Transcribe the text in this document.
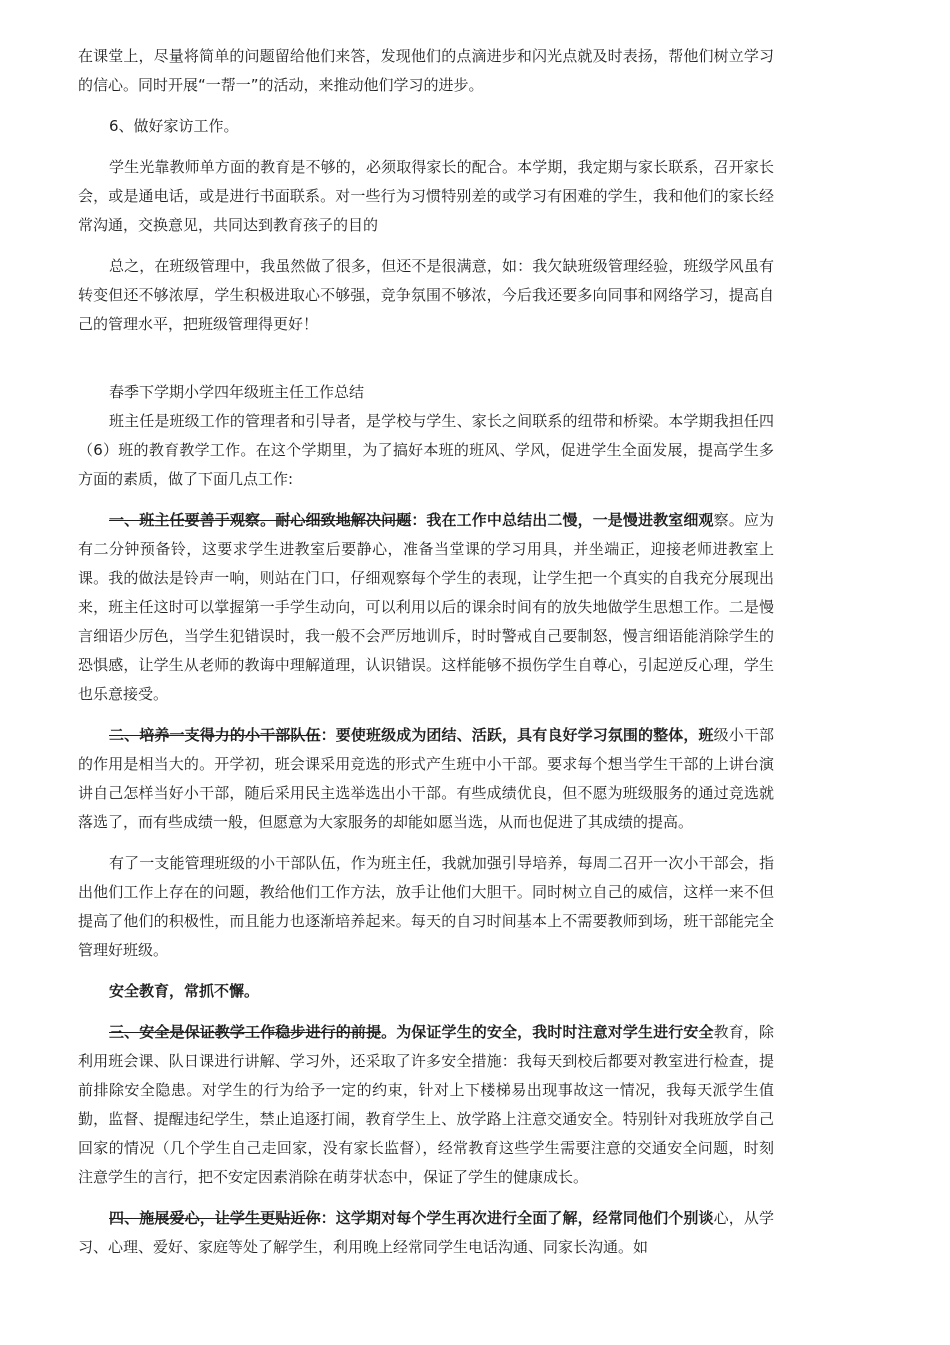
在课堂上，尽量将简单的问题留给他们来答，发现他们的点滴进步和闪光点就及时表扬，帮他们树立学习的信心。同时开展“一帮一”的活动，来推动他们学习的进步。

6、做好家访工作。

学生光靠教师单方面的教育是不够的，必须取得家长的配合。本学期，我定期与家长联系，召开家长会，或是通电话，或是进行书面联系。对一些行为习惯特别差的或学习有困难的学生，我和他们的家长经常沟通，交换意见，共同达到教育孩子的目的

总之，在班级管理中，我虽然做了很多，但还不是很满意，如：我欠缺班级管理经验，班级学风虽有转变但还不够浓厚，学生积极进取心不够强，竞争氛围不够浓，今后我还要多向同事和网络学习，提高自己的管理水平，把班级管理得更好！

春季下学期小学四年级班主任工作总结

班主任是班级工作的管理者和引导者，是学校与学生、家长之间联系的纽带和桥梁。本学期我担任四（6）班的教育教学工作。在这个学期里，为了搞好本班的班风、学风，促进学生全面发展，提高学生多方面的素质，做了下面几点工作:

一、班主任要善于观察。耐心细致地解决问题：我在工作中总结出二慢，一是慢进教室细观察。应为有二分钟预备铃，这要求学生进教室后要静心，准备当堂课的学习用具，并坐端正，迎接老师进教室上课。我的做法是铃声一响，则站在门口，仔细观察每个学生的表现，让学生把一个真实的自我充分展现出来，班主任这时可以掌握第一手学生动向，可以利用以后的课余时间有的放失地做学生思想工作。二是慢言细语少厉色，当学生犯错误时，我一般不会严厉地训斥，时时警戒自己要制怒，慢言细语能消除学生的恐惧感，让学生从老师的教诲中理解道理，认识错误。这样能够不损伤学生自尊心，引起逆反心理，学生也乐意接受。

二、培养一支得力的小干部队伍：要使班级成为团结、活跃，具有良好学习氛围的整体，班级小干部的作用是相当大的。开学初，班会课采用竞选的形式产生班中小干部。要求每个想当学生干部的上讲台演讲自己怎样当好小干部，随后采用民主选举选出小干部。有些成绩优良，但不愿为班级服务的通过竞选就落选了，而有些成绩一般，但愿意为大家服务的却能如愿当选，从而也促进了其成绩的提高。

有了一支能管理班级的小干部队伍，作为班主任，我就加强引导培养，每周二召开一次小干部会，指出他们工作上存在的问题，教给他们工作方法，放手让他们大胆干。同时树立自己的威信，这样一来不但提高了他们的积极性，而且能力也逐渐培养起来。每天的自习时间基本上不需要教师到场，班干部能完全管理好班级。

安全教育，常抓不懈。

三、安全是保证教学工作稳步进行的前提。为保证学生的安全，我时时注意对学生进行安全教育，除利用班会课、队日课进行讲解、学习外，还采取了许多安全措施：我每天到校后都要对教室进行检查，提前排除安全隐患。对学生的行为给予一定的约束，针对上下楼梯易出现事故这一情况，我每天派学生值勤，监督、提醒违纪学生，禁止追逐打闹，教育学生上、放学路上注意交通安全。特别针对我班放学自己回家的情况（几个学生自己走回家，没有家长监督），经常教育这些学生需要注意的交通安全问题，时刻注意学生的言行，把不安定因素消除在萌芽状态中，保证了学生的健康成长。

四、施展爱心，让学生更贴近你：这学期对每个学生再次进行全面了解，经常同他们个别谈心，从学习、心理、爱好、家庭等处了解学生，利用晚上经常同学生电话沟通、同家长沟通。如
